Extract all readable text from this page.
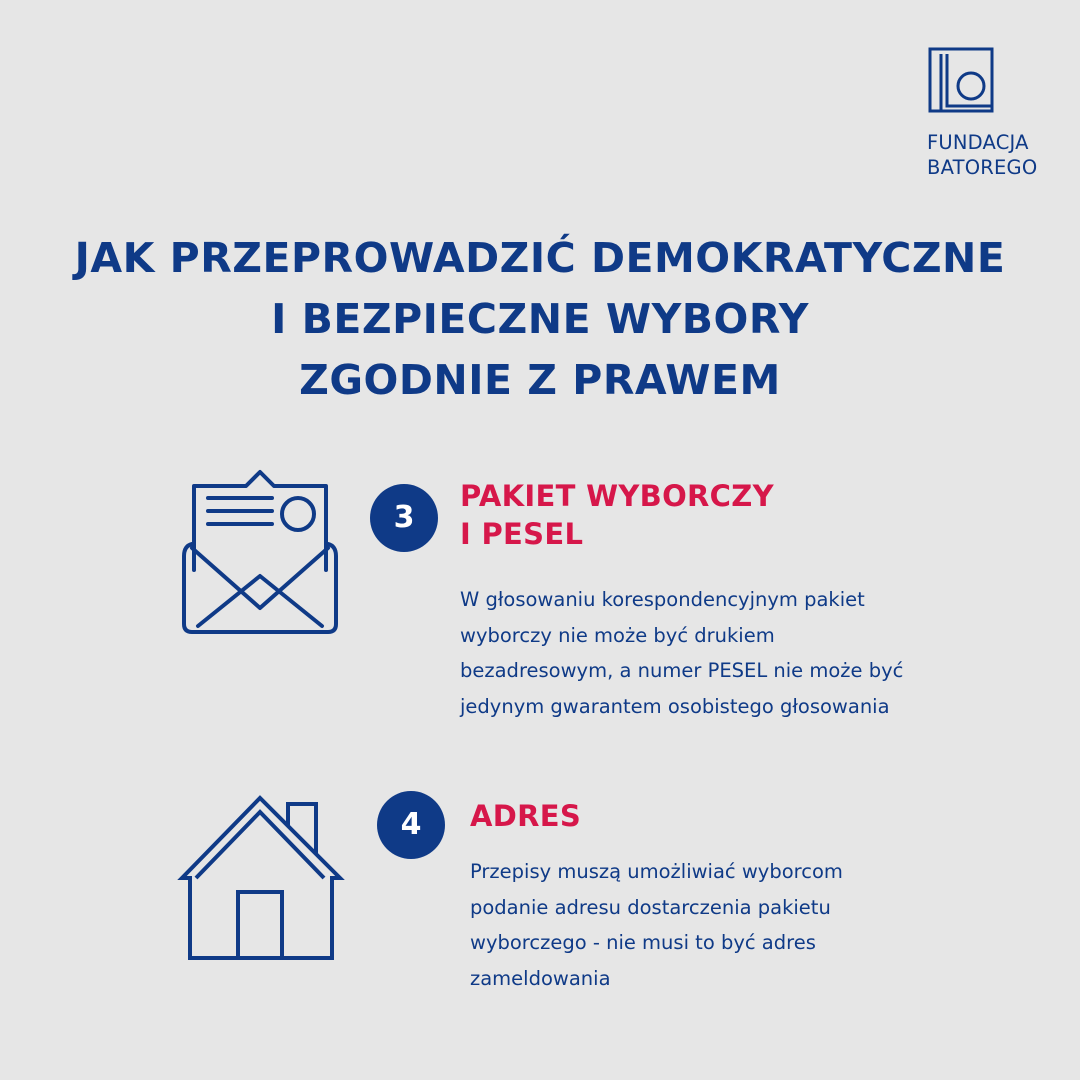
FUNDACJA
BATOREGO
JAK PRZEPROWADZIĆ DEMOKRATYCZNE
I BEZPIECZNE WYBORY
ZGODNIE Z PRAWEM
3
PAKIET WYBORCZY
I PESEL
W głosowaniu korespondencyjnym pakiet
wyborczy nie może być drukiem
bezadresowym, a numer PESEL nie może być
jedynym gwarantem osobistego głosowania
4	ADRES
Przepisy muszą umożliwiać wyborcom
podanie adresu dostarczenia pakietu
wyborczego - nie musi to być adres
zameldowania
